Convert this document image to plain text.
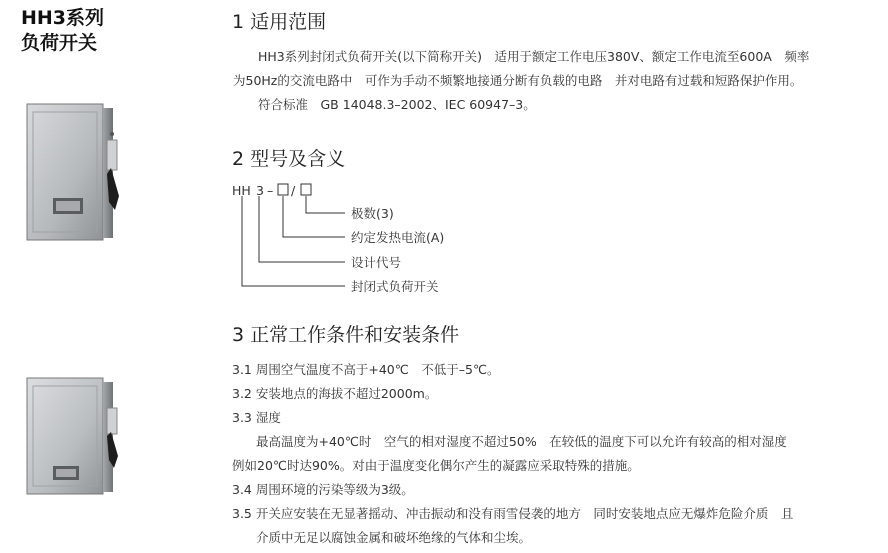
HH3系列
负荷开关
1 适用范围
HH3系列封闭式负荷开关(以下简称开关)　适用于额定工作电压380V、额定工作电流至600A　频率
为50Hz的交流电路中　可作为手动不频繁地接通分断有负载的电路　并对电路有过载和短路保护作用。
符合标准　GB 14048.3–2002、IEC 60947–3。
2 型号及含义
HH 3 – /
极数(3)
约定发热电流(A)
设计代号
封闭式负荷开关
3 正常工作条件和安装条件
3.1 周围空气温度不高于+40℃　不低于–5℃。
3.2 安装地点的海拔不超过2000m。
3.3 湿度
最高温度为+40℃时　空气的相对湿度不超过50%　在较低的温度下可以允许有较高的相对湿度
例如20℃时达90%。对由于温度变化偶尔产生的凝露应采取特殊的措施。
3.4 周围环境的污染等级为3级。
3.5 开关应安装在无显著摇动、冲击振动和没有雨雪侵袭的地方　同时安装地点应无爆炸危险介质　且
介质中无足以腐蚀金属和破坏绝缘的气体和尘埃。
